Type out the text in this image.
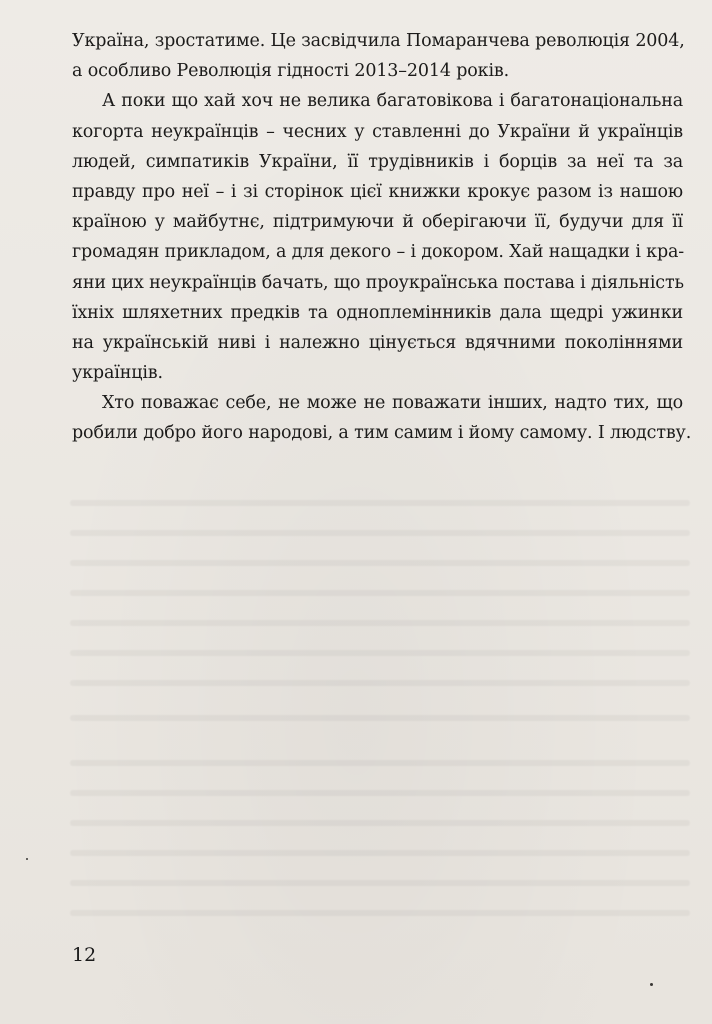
Україна, зростатиме. Це засвідчила Помаранчева революція 2004,
а особливо Революція гідності 2013–2014 років.
А поки що хай хоч не велика багатовікова і багатонаціональна
когорта неукраїнців – чесних у ставленні до України й українців
людей, симпатиків України, її трудівників і борців за неї та за
правду про неї – і зі сторінок цієї книжки крокує разом із нашою
країною у майбутнє, підтримуючи й оберігаючи її, будучи для її
громадян прикладом, а для декого – і докором. Хай нащадки і кра-
яни цих неукраїнців бачать, що проукраїнська постава і діяльність
їхніх шляхетних предків та одноплемінників дала щедрі ужинки
на українській ниві і належно цінується вдячними поколіннями
українців.
Хто поважає себе, не може не поважати інших, надто тих, що
робили добро його народові, а тим самим і йому самому. І людству.
12
